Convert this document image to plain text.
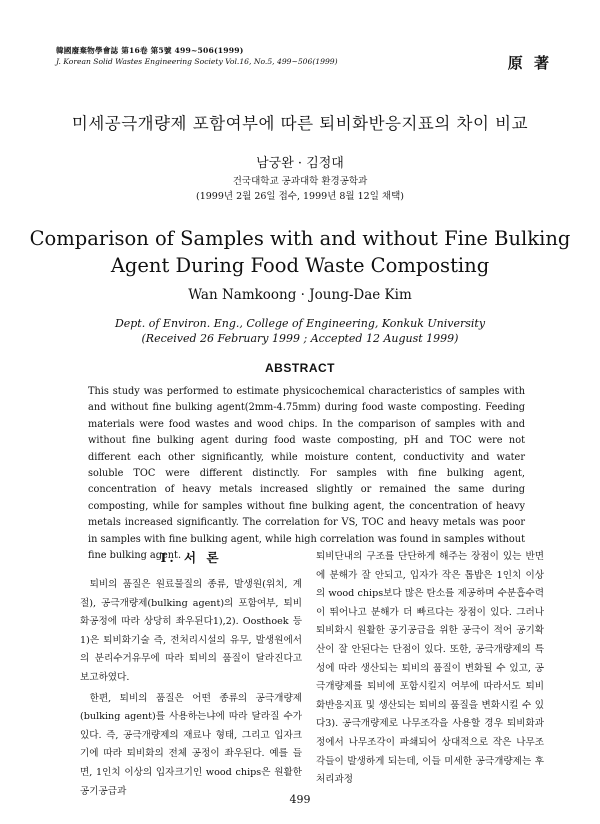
韓國廢棄物學會誌 第16卷 第5號 499~506(1999)
J. Korean Solid Wastes Engineering Society Vol.16, No.5, 499~506(1999)	原 著
미세공극개량제 포함여부에 따른 퇴비화반응지표의 차이 비교
남궁완 · 김정대
건국대학교 공과대학 환경공학과
(1999년 2월 26일 접수, 1999년 8월 12일 채택)
Comparison of Samples with and without Fine Bulking
Agent During Food Waste Composting
Wan Namkoong · Joung-Dae Kim
Dept. of Environ. Eng., College of Engineering, Konkuk University
(Received 26 February 1999 ; Accepted 12 August 1999)
ABSTRACT
This study was performed to estimate physicochemical characteristics of samples with and without fine bulking agent(2mm-4.75mm) during food waste composting. Feeding materials were food wastes and wood chips. In the comparison of samples with and without fine bulking agent during food waste composting, pH and TOC were not different each other significantly, while moisture content, conductivity and water soluble TOC were different distinctly. For samples with fine bulking agent, concentration of heavy metals increased slightly or remained the same during composting, while for samples without fine bulking agent, the concentration of heavy metals increased significantly. The correlation for VS, TOC and heavy metals was poor in samples with fine bulking agent, while high correlation was found in samples without fine bulking agent.
Ⅰ. 서 론

퇴비의 품질은 원료물질의 종류, 발생원(위치, 계절), 공극개량제(bulking agent)의 포함여부, 퇴비화공정에 따라 상당히 좌우된다1),2). Oosthoek 등1)은 퇴비화기술 즉, 전처리시설의 유무, 발생원에서의 분리수거유무에 따라 퇴비의 품질이 달라진다고 보고하였다.

한편, 퇴비의 품질은 어떤 종류의 공극개량제(bulking agent)를 사용하는냐에 따라 달라질 수가 있다. 즉, 공극개량제의 재료나 형태, 그리고 입자크기에 따라 퇴비화의 전체 공정이 좌우된다. 예를 들면, 1인치 이상의 입자크기인 wood chips은 원활한 공기공급과

퇴비단내의 구조를 단단하게 해주는 장점이 있는 반면에 분해가 잘 안되고, 입자가 작은 톱밥은 1인치 이상의 wood chips보다 많은 탄소를 제공하며 수분흡수력이 뛰어나고 분해가 더 빠르다는 장점이 있다. 그러나 퇴비화시 원활한 공기공급을 위한 공극이 적어 공기확산이 잘 안된다는 단점이 있다. 또한, 공극개량제의 특성에 따라 생산되는 퇴비의 품질이 변화될 수 있고, 공극개량제를 퇴비에 포함시킬지 여부에 따라서도 퇴비화반응지표 및 생산되는 퇴비의 품질을 변화시킬 수 있다3). 공극개량제로 나무조각을 사용할 경우 퇴비화과정에서 나무조각이 파쇄되어 상대적으로 작은 나무조각들이 발생하게 되는데, 이들 미세한 공극개량제는 후처리과정

499
